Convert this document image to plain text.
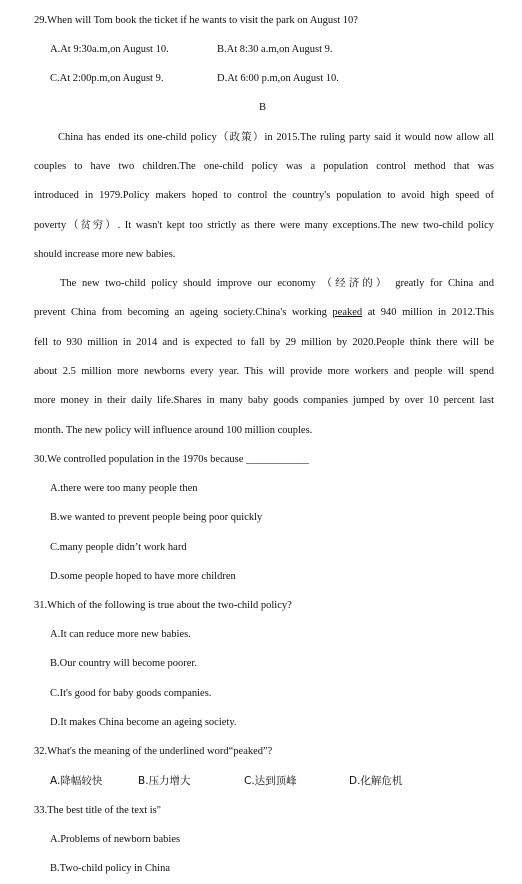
29.When will Tom book the ticket if he wants to visit the park on August 10?
A.At 9:30a.m,on August 10.	B.At 8:30 a.m,on August 9.
C.At 2:00p.m,on August 9.	D.At 6:00 p.m,on August 10.
B
China has ended its one-child policy（政策）in 2015.The ruling party said it would now allow all
couples to have two children.The one-child policy was a population control method that was
introduced in 1979.Policy makers hoped to control the country's population to avoid high speed of
poverty（贫穷）. It wasn't kept too strictly as there were many exceptions.The new two-child policy
should increase more new babies.
The new two-child policy should improve our economy （经济的） greatly for China and
prevent China from becoming an ageing society.China's working peaked at 940 million in 2012.This
fell to 930 million in 2014 and is expected to fall by 29 million by 2020.People think there will be
about 2.5 million more newborns every year. This will provide more workers and people will spend
more money in their daily life.Shares in many baby goods companies jumped by over 10 percent last
month. The new policy will influence around 100 million couples.
30.We controlled population in the 1970s because ____________
A.there were too many people then
B.we wanted to prevent people being poor quickly
C.many people didn’t work hard
D.some people hoped to have more children
31.Which of the following is true about the two-child policy?
A.It can reduce more new babies.
B.Our country will become poorer.
C.It's good for baby goods companies.
D.It makes China become an ageing society.
32.What's the meaning of the underlined word“peaked”?
A.降幅较快	B.压力增大	C.达到顶峰	D.化解危机
33.The best title of the text is"
A.Problems of newborn babies
B.Two-child policy in China
